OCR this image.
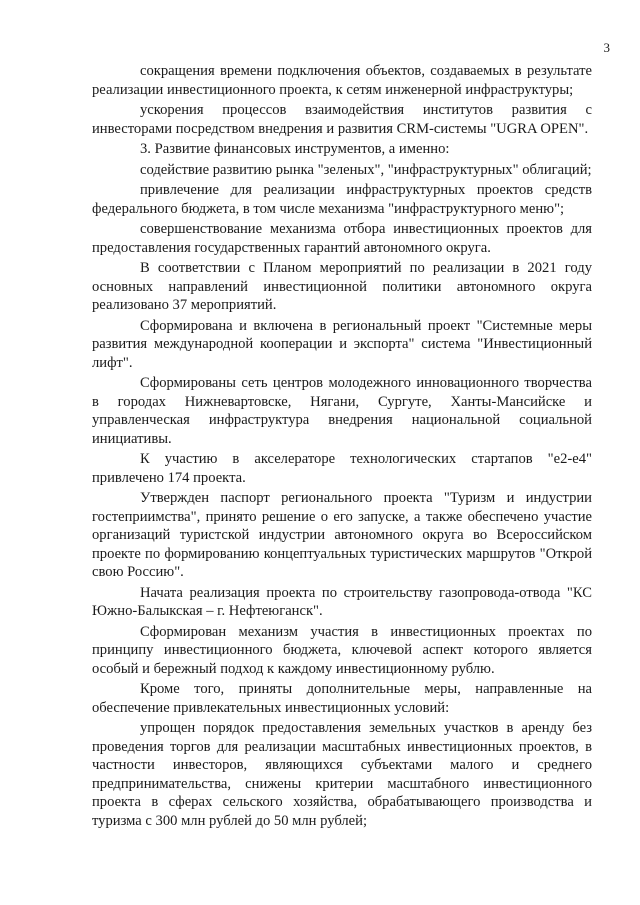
3

сокращения времени подключения объектов, создаваемых в результате реализации инвестиционного проекта, к сетям инженерной инфраструктуры;

ускорения процессов взаимодействия институтов развития с инвесторами посредством внедрения и развития CRM-системы "UGRA OPEN".

3. Развитие финансовых инструментов, а именно:

содействие развитию рынка "зеленых", "инфраструктурных" облигаций;

привлечение для реализации инфраструктурных проектов средств федерального бюджета, в том числе механизма "инфраструктурного меню";

совершенствование механизма отбора инвестиционных проектов для предоставления государственных гарантий автономного округа.

В соответствии с Планом мероприятий по реализации в 2021 году основных направлений инвестиционной политики автономного округа реализовано 37 мероприятий.

Сформирована и включена в региональный проект "Системные меры развития международной кооперации и экспорта" система "Инвестиционный лифт".

Сформированы сеть центров молодежного инновационного творчества в городах Нижневартовске, Нягани, Сургуте, Ханты-Мансийске и управленческая инфраструктура внедрения национальной социальной инициативы.

К участию в акселераторе технологических стартапов "е2-е4" привлечено 174 проекта.

Утвержден паспорт регионального проекта "Туризм и индустрии гостеприимства", принято решение о его запуске, а также обеспечено участие организаций туристской индустрии автономного округа во Всероссийском проекте по формированию концептуальных туристических маршрутов "Открой свою Россию".

Начата реализация проекта по строительству газопровода-отвода "КС Южно-Балыкская – г. Нефтеюганск".

Сформирован механизм участия в инвестиционных проектах по принципу инвестиционного бюджета, ключевой аспект которого является особый и бережный подход к каждому инвестиционному рублю.

Кроме того, приняты дополнительные меры, направленные на обеспечение привлекательных инвестиционных условий:

упрощен порядок предоставления земельных участков в аренду без проведения торгов для реализации масштабных инвестиционных проектов, в частности инвесторов, являющихся субъектами малого и среднего предпринимательства, снижены критерии масштабного инвестиционного проекта в сферах сельского хозяйства, обрабатывающего производства и туризма с 300 млн рублей до 50 млн рублей;
